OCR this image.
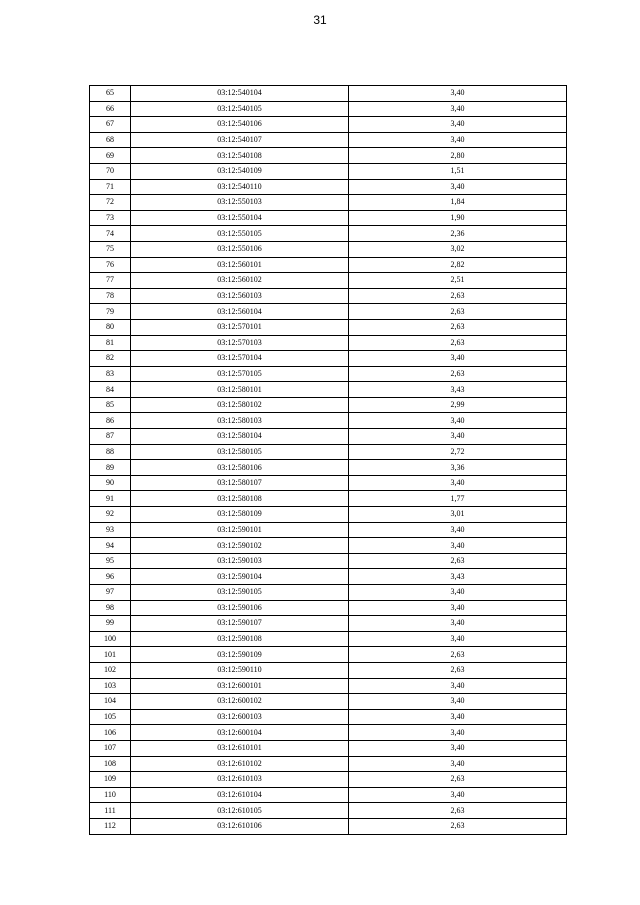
31
65	03:12:540104	3,40
66	03:12:540105	3,40
67	03:12:540106	3,40
68	03:12:540107	3,40
69	03:12:540108	2,80
70	03:12:540109	1,51
71	03:12:540110	3,40
72	03:12:550103	1,84
73	03:12:550104	1,90
74	03:12:550105	2,36
75	03:12:550106	3,02
76	03:12:560101	2,82
77	03:12:560102	2,51
78	03:12:560103	2,63
79	03:12:560104	2,63
80	03:12:570101	2,63
81	03:12:570103	2,63
82	03:12:570104	3,40
83	03:12:570105	2,63
84	03:12:580101	3,43
85	03:12:580102	2,99
86	03:12:580103	3,40
87	03:12:580104	3,40
88	03:12:580105	2,72
89	03:12:580106	3,36
90	03:12:580107	3,40
91	03:12:580108	1,77
92	03:12:580109	3,01
93	03:12:590101	3,40
94	03:12:590102	3,40
95	03:12:590103	2,63
96	03:12:590104	3,43
97	03:12:590105	3,40
98	03:12:590106	3,40
99	03:12:590107	3,40
100	03:12:590108	3,40
101	03:12:590109	2,63
102	03:12:590110	2,63
103	03:12:600101	3,40
104	03:12:600102	3,40
105	03:12:600103	3,40
106	03:12:600104	3,40
107	03:12:610101	3,40
108	03:12:610102	3,40
109	03:12:610103	2,63
110	03:12:610104	3,40
111	03:12:610105	2,63
112	03:12:610106	2,63
